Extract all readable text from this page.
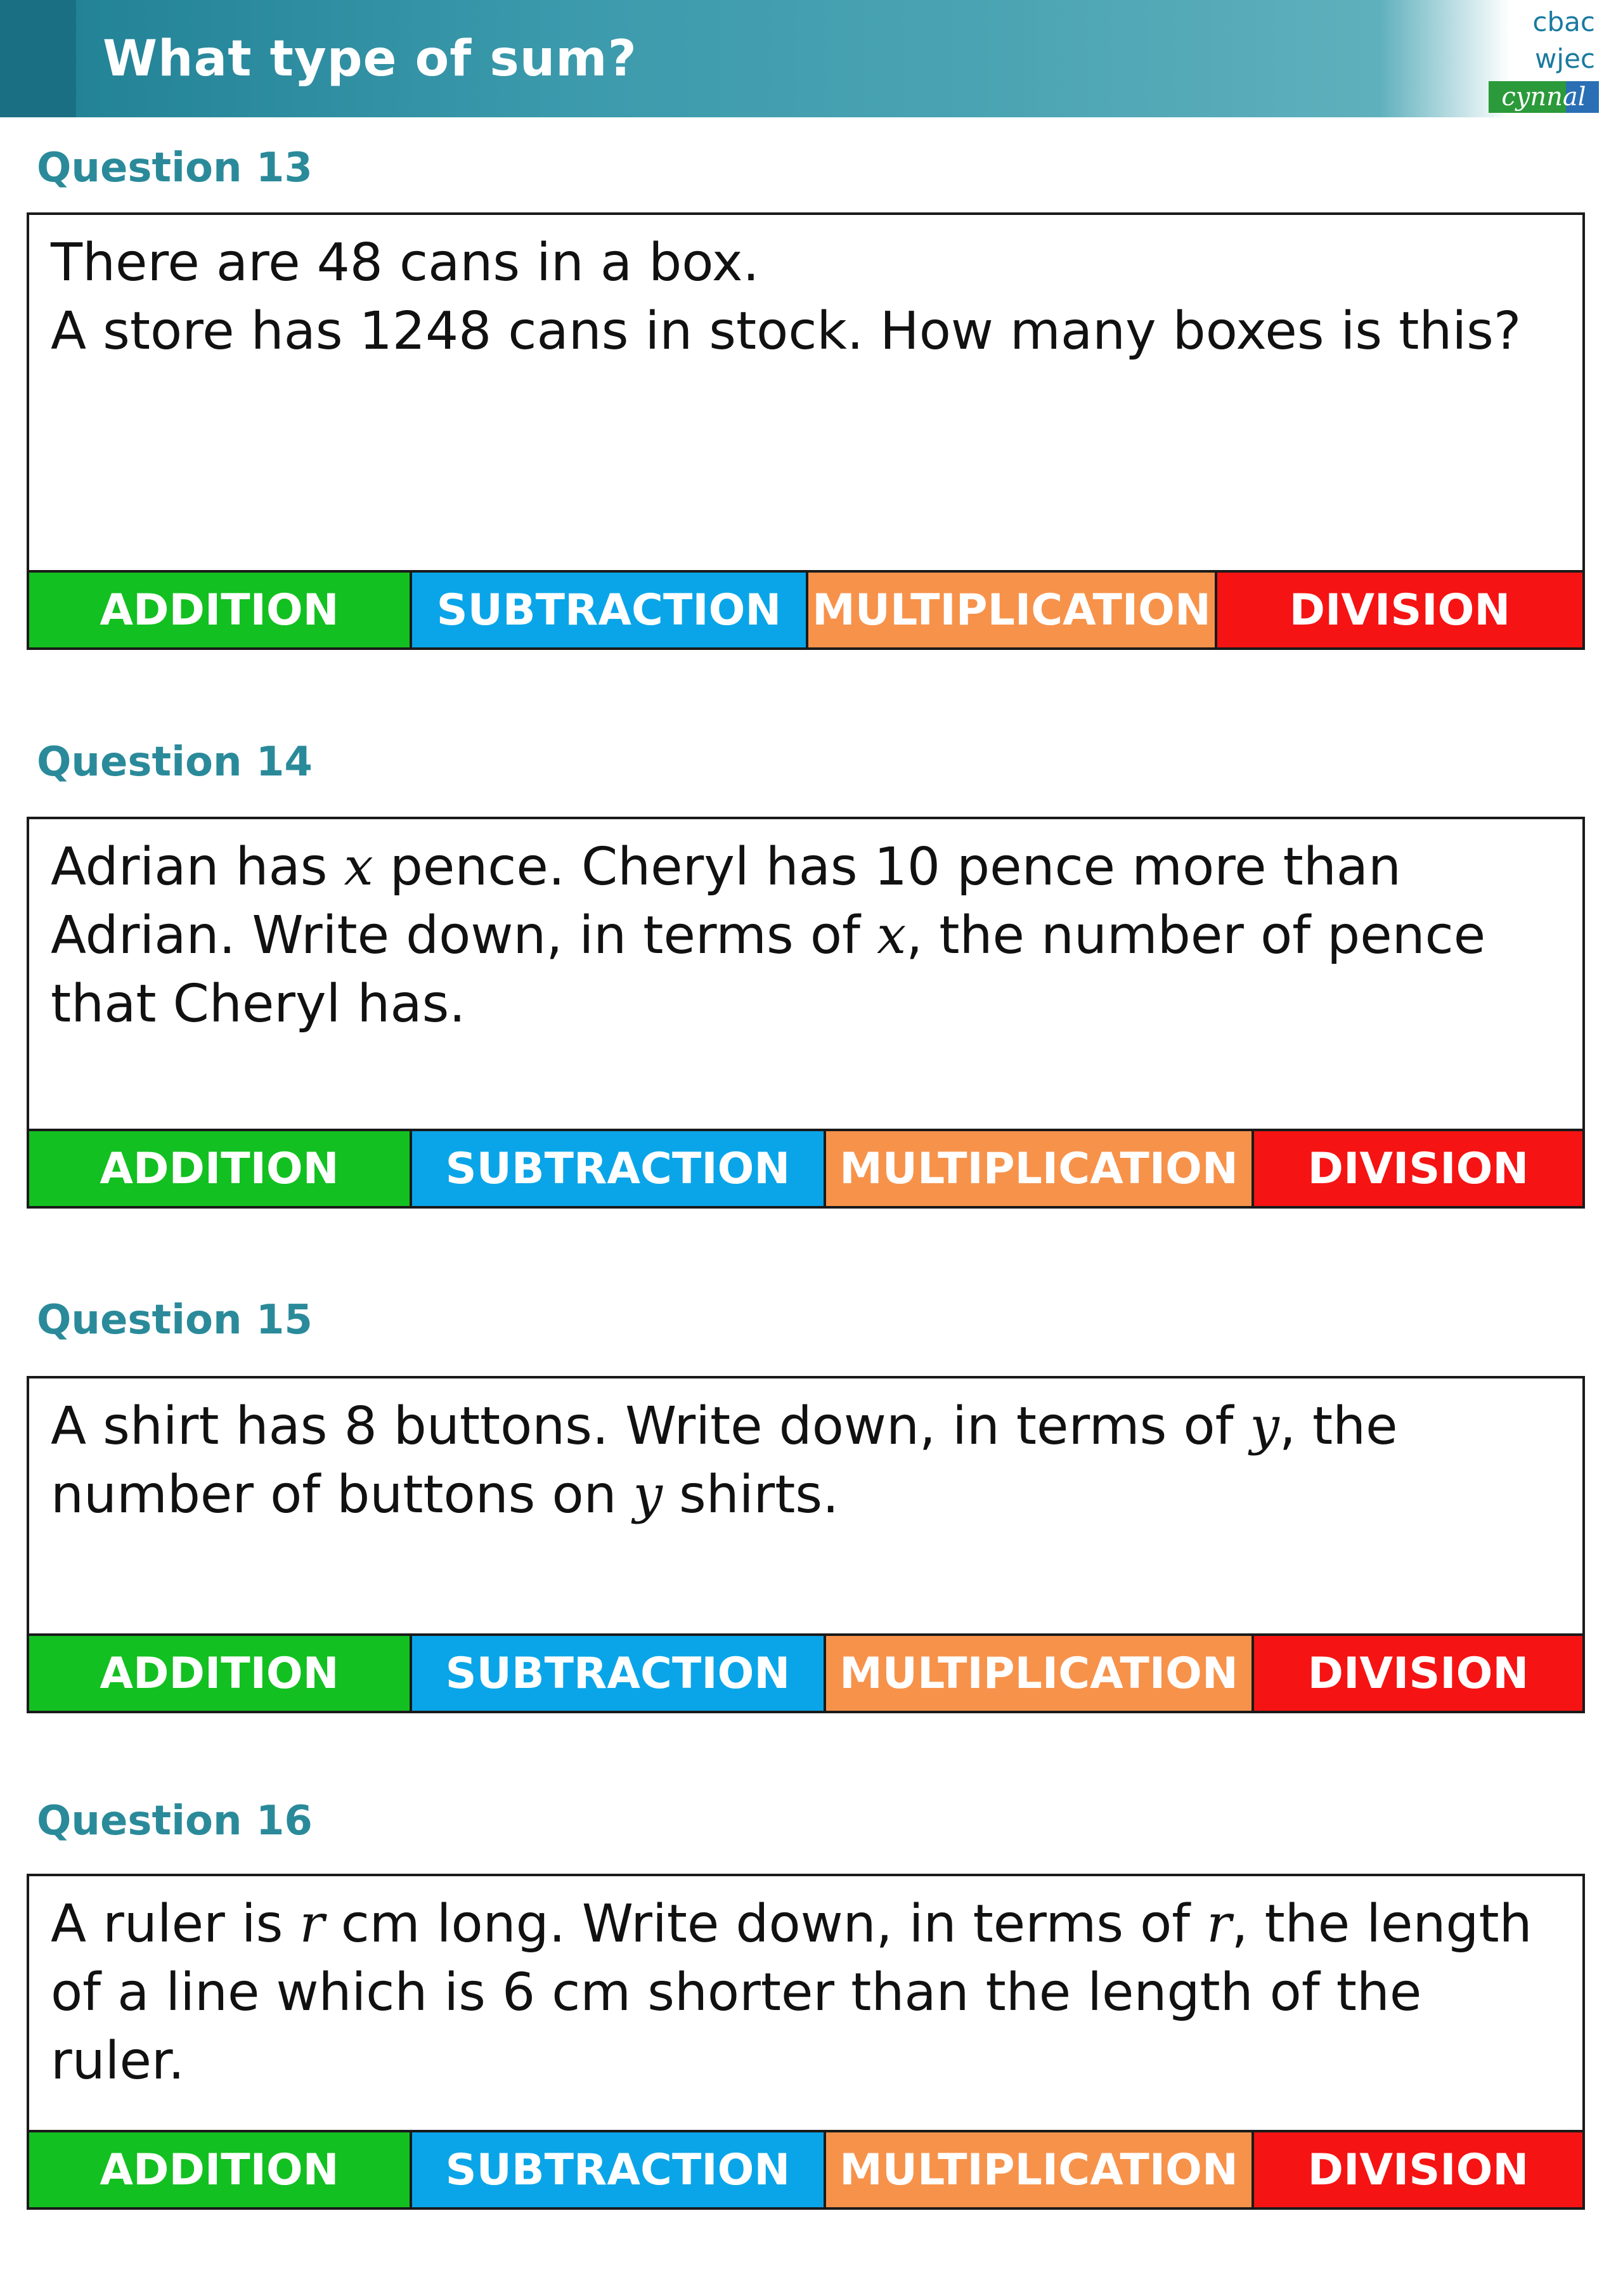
What type of sum?
cbac
wjec
cynnal
Question 13
There are 48 cans in a box.
A store has 1248 cans in stock. How many boxes is this?
ADDITION	SUBTRACTION MULTIPLICATION	DIVISION
Question 14
Adrian has x pence. Cheryl has 10 pence more than Adrian. Write down, in terms of x, the number of pence that Cheryl has.
ADDITION	SUBTRACTION	MULTIPLICATION	DIVISION
Question 15
A shirt has 8 buttons. Write down, in terms of y, the number of buttons on y shirts.
ADDITION	SUBTRACTION	MULTIPLICATION	DIVISION
Question 16
A ruler is r cm long. Write down, in terms of r, the length of a line which is 6 cm shorter than the length of the ruler.
ADDITION	SUBTRACTION	MULTIPLICATION	DIVISION
